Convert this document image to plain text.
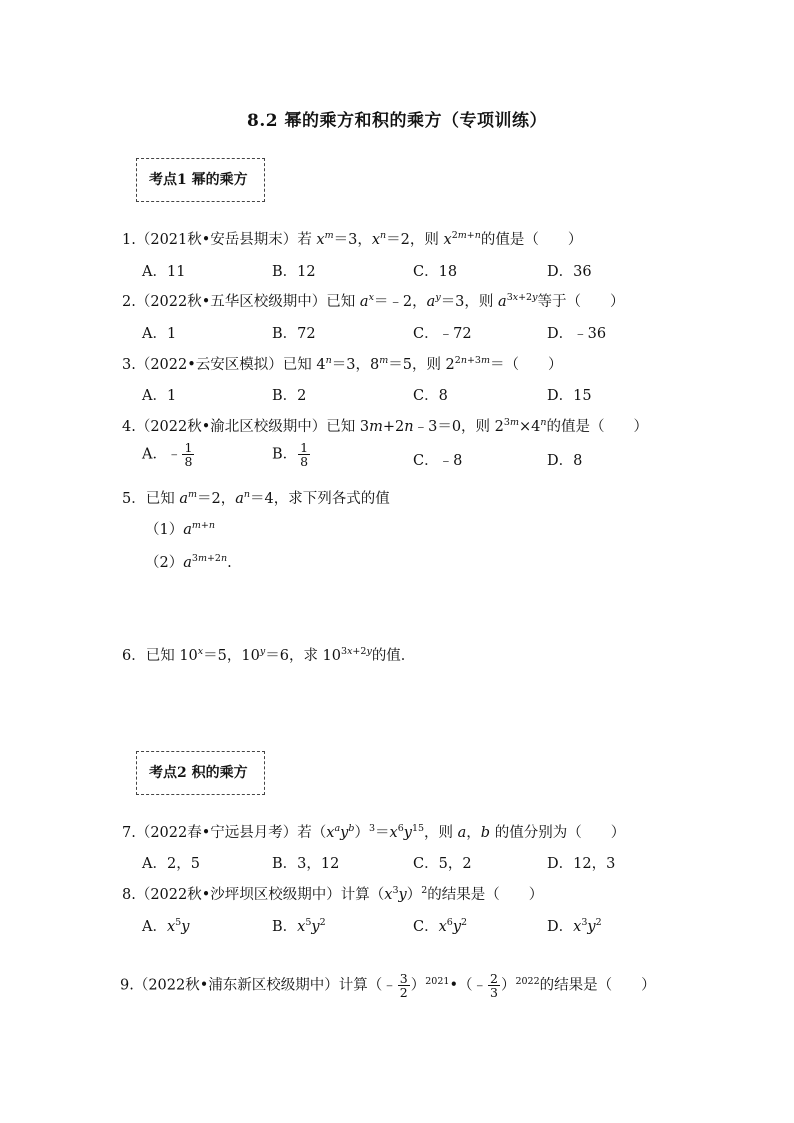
8.2 幂的乘方和积的乘方（专项训练）
考点1 幂的乘方
1.（2021秋•安岳县期末）若 $x^m=3$，$x^n=2$，则 $x^{2m+n}$的值是（　　）
A．11	B．12	C．18	D．36
2.（2022秋•五华区校级期中）已知 $a^x=﹣2$，$a^y=3$，则 $a^{3x+2y}$等于（　　）
A．1	B．72	C．﹣72	D．﹣36
3.（2022•云安区模拟）已知 $4^n=3$，$8^m=5$，则 $2^{2n+3m}=$（　　）
A．1	B．2	C．8	D．15
4.（2022秋•渝北区校级期中）已知 3m+2n﹣3＝0，则 $2^{3m}\times 4^n$的值是（　　）
A．﹣ $\frac{1}{8}$	B． $\frac{1}{8}$	C．﹣8	D．8
5．已知 $a^m=2$，$a^n=4$，求下列各式的值
$(1)a^{m+n}$
$(2)a^{3m+2n}$.
6．已知 $10^x=5$，$10^y=6$，求 $10^{3x+2y}$的值．
考点2 积的乘方
7.（2022春•宁远县月考）若$(x^ay^b)^3=x^6y^{15}$，则 a，b 的值分别为（　　）
A．2，5	B．3，12	C．5，2	D．12，3
8.（2022秋•沙坪坝区校级期中）计算$(x^3y)^2$的结果是（　　）
A．$x^5y$	B．$x^5y^2$	C．$x^6y^2$	D．$x^3y^2$
9.（2022秋•浦东新区校级期中）计算（﹣ $\frac{3}{2}$ ）$^{2021}$•（﹣ $\frac{2}{3} )^{2022}$的结果是（　　）
